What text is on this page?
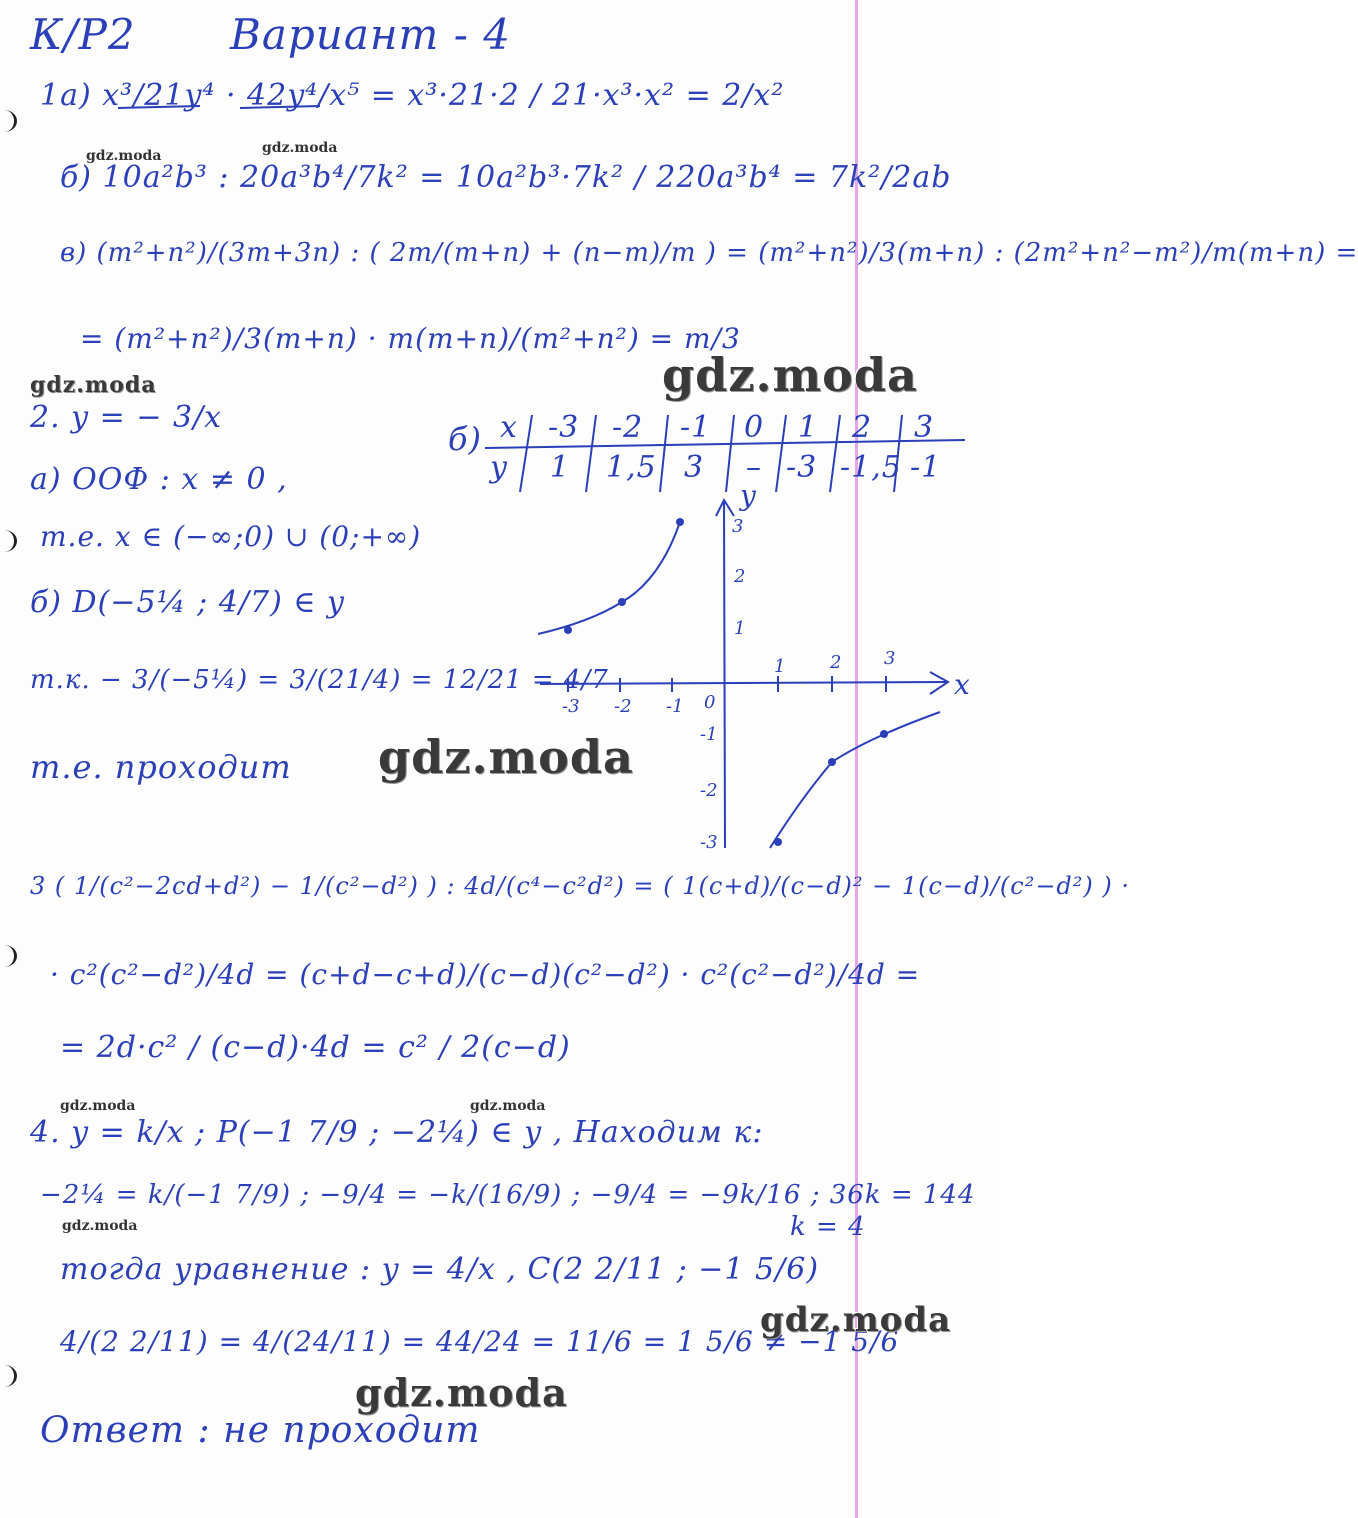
К/Р2 Вариант - 4
1а) x³/21y⁴ · 42y⁴/x⁵ = x³·21·2 / 21·x³·x² = 2/x²
б) 10a²b³ : 20a³b⁴/7k² = 10a²b³·7k² / 220a³b⁴ = 7k²/2ab
в) (m²+n²)/(3m+3n) : ( 2m/(m+n) + (n−m)/m ) = (m²+n²)/3(m+n) : (2m²+n²−m²)/m(m+n) =
= (m²+n²)/3(m+n) · m(m+n)/(m²+n²) = m/3
2. y = − 3/x
а) ООФ : x ≠ 0 ,
т.е. x ∈ (−∞;0) ∪ (0;+∞)
б) D(−5¼ ; 4/7) ∈ y
т.к. − 3/(−5¼) = 3/(21/4) = 12/21 = 4/7
т.е. проходит
б) x -3 -2 -1 0 1 2 3
y 1 1,5 3 – -3 -1,5 -1
x
y
-3 -2 -1 0
1 2 3
3
2
1
-1
-2
-3
3 ( 1/(c²−2cd+d²) − 1/(c²−d²) ) : 4d/(c⁴−c²d²) = ( 1(c+d)/(c−d)² − 1(c−d)/(c²−d²) ) ·
· c²(c²−d²)/4d = (c+d−c+d)/(c−d)(c²−d²) · c²(c²−d²)/4d =
= 2d·c² / (c−d)·4d = c² / 2(c−d)
4. y = k/x ; P(−1 7/9 ; −2¼) ∈ y , Находим к:
−2¼ = k/(−1 7/9) ; −9/4 = −k/(16/9) ; −9/4 = −9k/16 ; 36k = 144
k = 4
тогда уравнение : y = 4/x , C(2 2/11 ; −1 5/6)
4/(2 2/11) = 4/(24/11) = 44/24 = 11/6 = 1 5/6 ≠ −1 5/6
Ответ : не проходит
gdz.moda
gdz.moda
gdz.moda
gdz.moda
gdz.moda
gdz.moda	gdz.moda
gdz.moda	gdz.moda
gdz.moda
